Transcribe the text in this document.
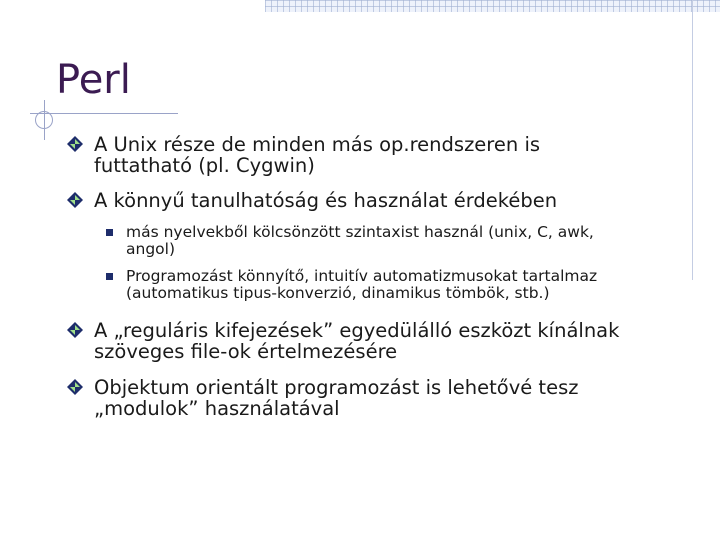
Perl
A Unix része de minden más op.rendszeren is
futtatható (pl. Cygwin)
A könnyű tanulhatóság és használat érdekében
más nyelvekből kölcsönzött szintaxist használ (unix, C, awk,
angol)
Programozást könnyítő, intuitív automatizmusokat tartalmaz
(automatikus tipus-konverzió, dinamikus tömbök, stb.)
A „reguláris kifejezések” egyedülálló eszközt kínálnak
szöveges file-ok értelmezésére
Objektum orientált programozást is lehetővé tesz
„modulok” használatával
